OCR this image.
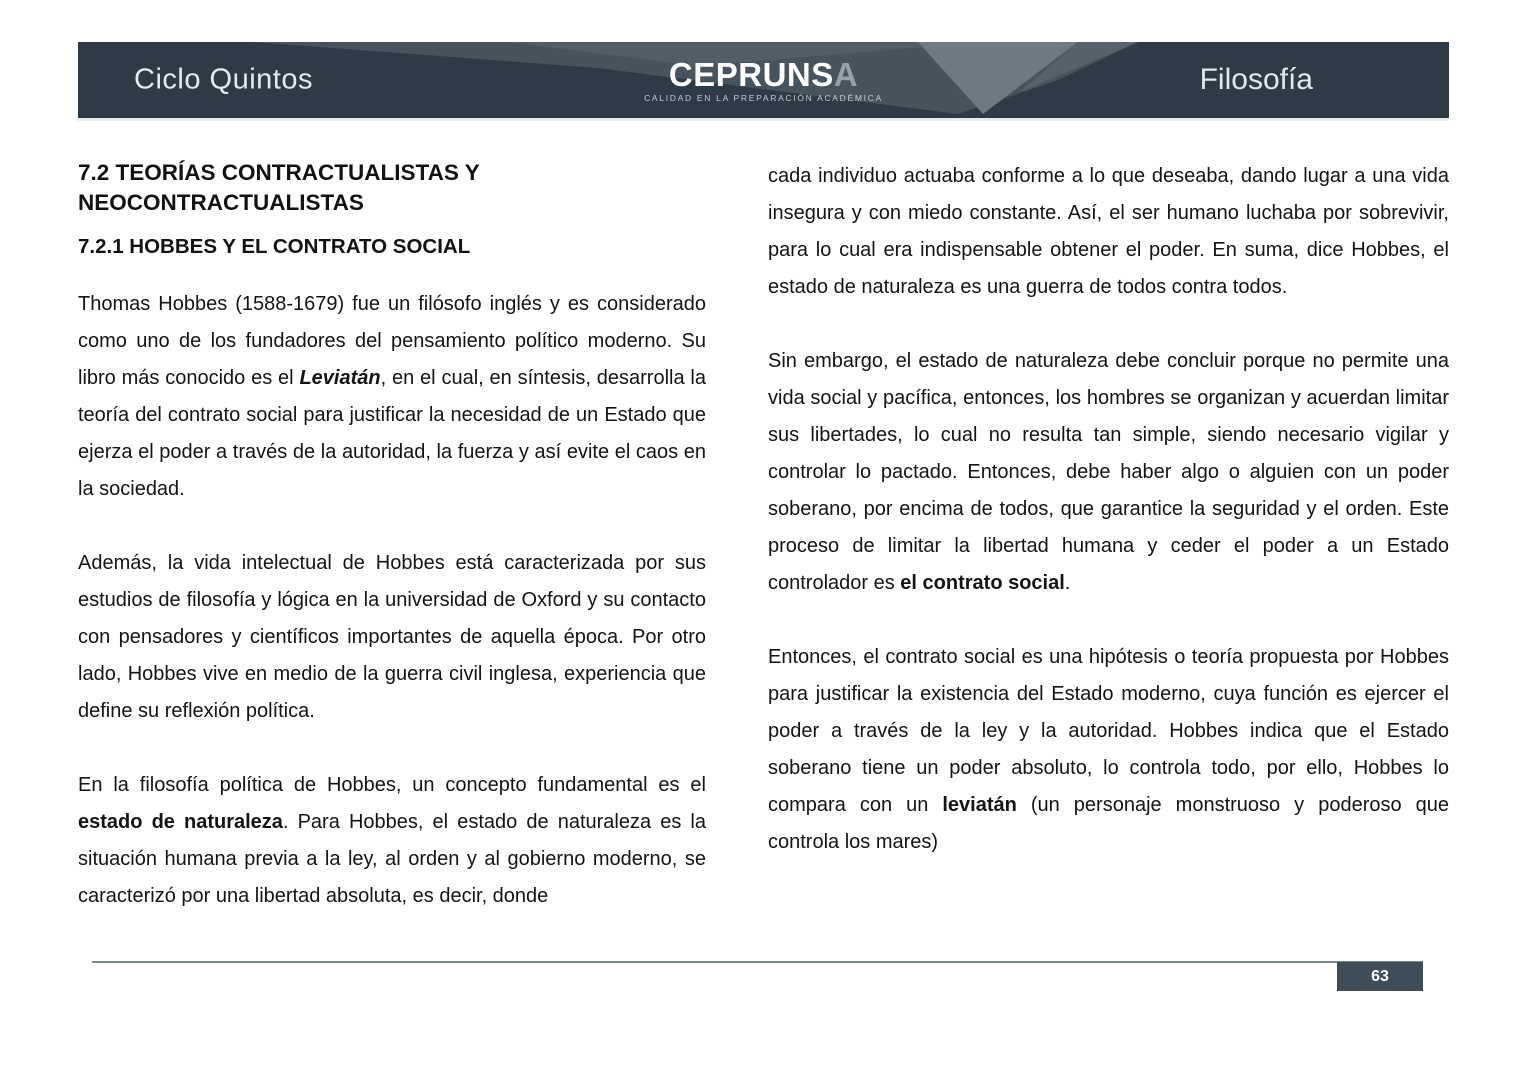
Ciclo Quintos	CEPRUNSA
CALIDAD EN LA PREPARACIÓN ACADÉMICA
Filosofía
7.2 TEORÍAS CONTRACTUALISTAS Y NEOCONTRACTUALISTAS
7.2.1 HOBBES Y EL CONTRATO SOCIAL

Thomas Hobbes (1588-1679) fue un filósofo inglés y es considerado como uno de los fundadores del pensamiento político moderno. Su libro más conocido es el Leviatán, en el cual, en síntesis, desarrolla la teoría del contrato social para justificar la necesidad de un Estado que ejerza el poder a través de la autoridad, la fuerza y así evite el caos en la sociedad.

Además, la vida intelectual de Hobbes está caracterizada por sus estudios de filosofía y lógica en la universidad de Oxford y su contacto con pensadores y científicos importantes de aquella época. Por otro lado, Hobbes vive en medio de la guerra civil inglesa, experiencia que define su reflexión política.

En la filosofía política de Hobbes, un concepto fundamental es el estado de naturaleza. Para Hobbes, el estado de naturaleza es la situación humana previa a la ley, al orden y al gobierno moderno, se caracterizó por una libertad absoluta, es decir, donde

cada individuo actuaba conforme a lo que deseaba, dando lugar a una vida insegura y con miedo constante. Así, el ser humano luchaba por sobrevivir, para lo cual era indispensable obtener el poder. En suma, dice Hobbes, el estado de naturaleza es una guerra de todos contra todos.

Sin embargo, el estado de naturaleza debe concluir porque no permite una vida social y pacífica, entonces, los hombres se organizan y acuerdan limitar sus libertades, lo cual no resulta tan simple, siendo necesario vigilar y controlar lo pactado. Entonces, debe haber algo o alguien con un poder soberano, por encima de todos, que garantice la seguridad y el orden. Este proceso de limitar la libertad humana y ceder el poder a un Estado controlador es el contrato social.

Entonces, el contrato social es una hipótesis o teoría propuesta por Hobbes para justificar la existencia del Estado moderno, cuya función es ejercer el poder a través de la ley y la autoridad. Hobbes indica que el Estado soberano tiene un poder absoluto, lo controla todo, por ello, Hobbes lo compara con un leviatán (un personaje monstruoso y poderoso que controla los mares)

63
